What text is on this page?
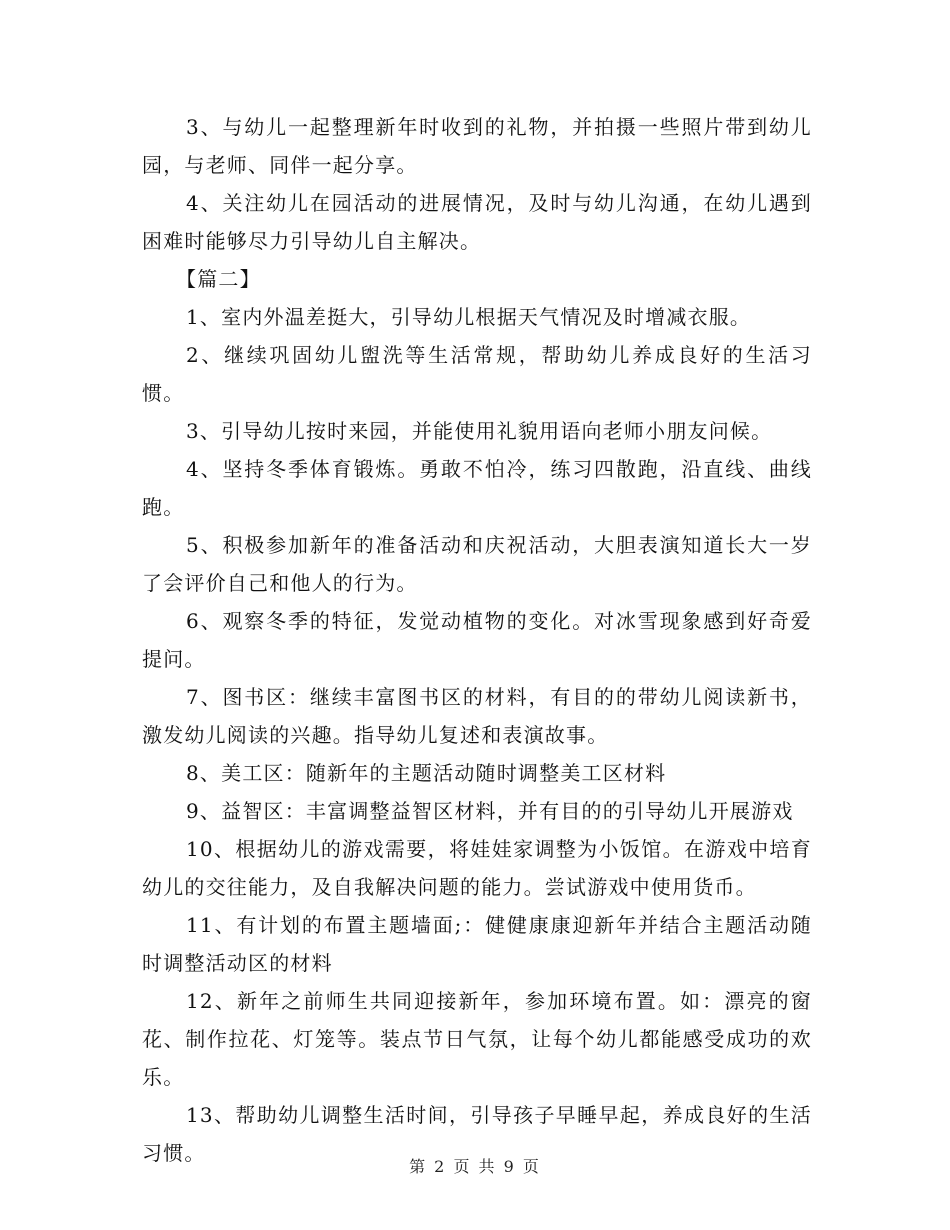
3、与幼儿一起整理新年时收到的礼物，并拍摄一些照片带到幼儿园，与老师、同伴一起分享。

4、关注幼儿在园活动的进展情况，及时与幼儿沟通，在幼儿遇到困难时能够尽力引导幼儿自主解决。

【篇二】

1、室内外温差挺大，引导幼儿根据天气情况及时增减衣服。

2、继续巩固幼儿盥洗等生活常规，帮助幼儿养成良好的生活习惯。

3、引导幼儿按时来园，并能使用礼貌用语向老师小朋友问候。

4、坚持冬季体育锻炼。勇敢不怕冷，练习四散跑，沿直线、曲线跑。

5、积极参加新年的准备活动和庆祝活动，大胆表演知道长大一岁了会评价自己和他人的行为。

6、观察冬季的特征，发觉动植物的变化。对冰雪现象感到好奇爱提问。

7、图书区：继续丰富图书区的材料，有目的的带幼儿阅读新书，激发幼儿阅读的兴趣。指导幼儿复述和表演故事。

8、美工区：随新年的主题活动随时调整美工区材料

9、益智区：丰富调整益智区材料，并有目的的引导幼儿开展游戏

10、根据幼儿的游戏需要，将娃娃家调整为小饭馆。在游戏中培育幼儿的交往能力，及自我解决问题的能力。尝试游戏中使用货币。

11、有计划的布置主题墙面;：健健康康迎新年并结合主题活动随时调整活动区的材料

12、新年之前师生共同迎接新年，参加环境布置。如：漂亮的窗花、制作拉花、灯笼等。装点节日气氛，让每个幼儿都能感受成功的欢乐。

13、帮助幼儿调整生活时间，引导孩子早睡早起，养成良好的生活习惯。

第 2 页 共 9 页
